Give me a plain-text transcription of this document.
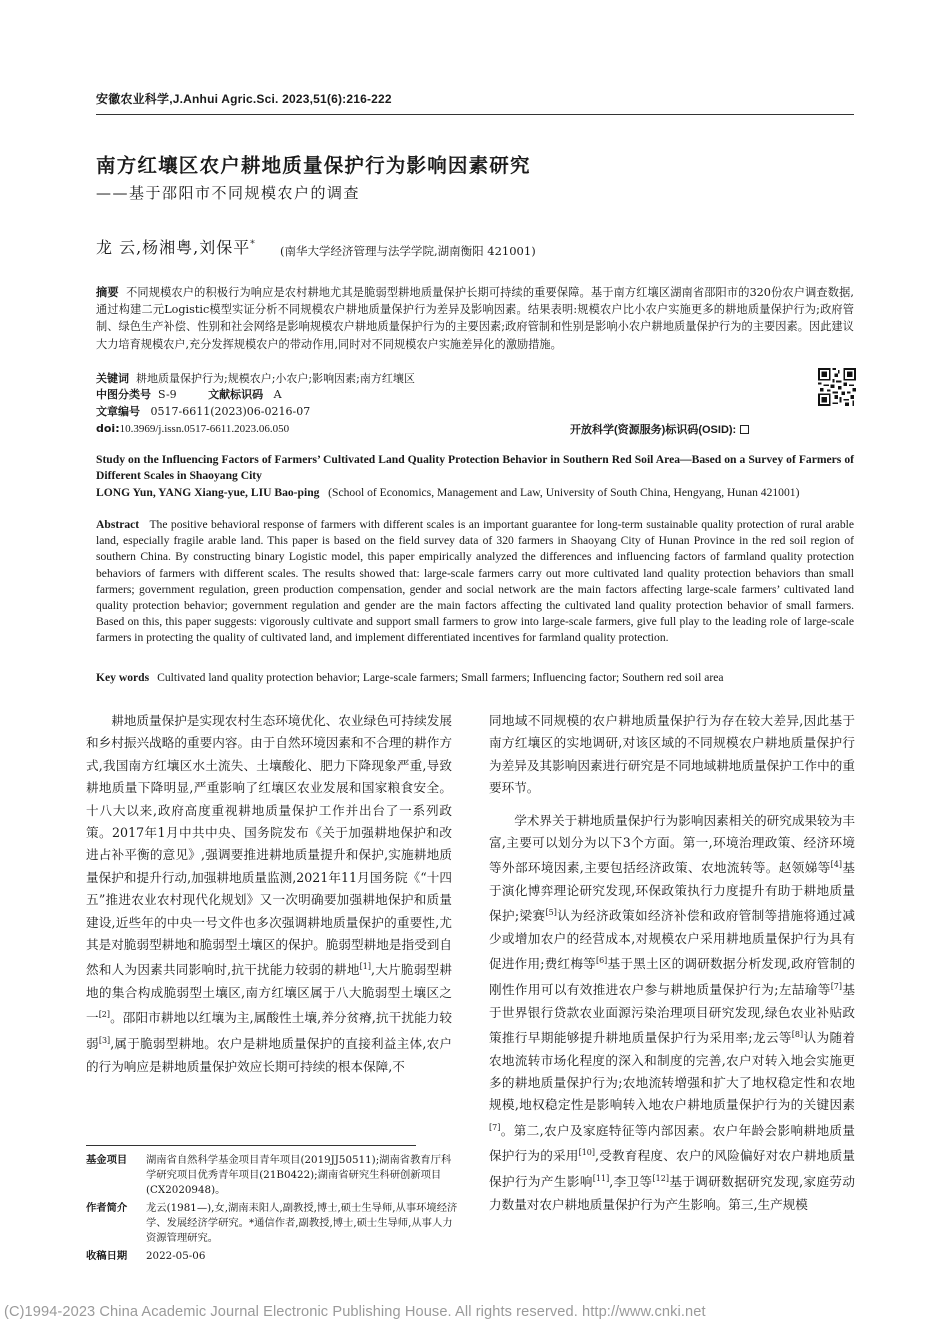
安徽农业科学,J.Anhui Agric.Sci. 2023,51(6):216-222
南方红壤区农户耕地质量保护行为影响因素研究
——基于邵阳市不同规模农户的调查
龙 云,杨湘粤,刘保平* (南华大学经济管理与法学学院,湖南衡阳 421001)
摘要 不同规模农户的积极行为响应是农村耕地尤其是脆弱型耕地质量保护长期可持续的重要保障。基于南方红壤区湖南省邵阳市的320份农户调查数据,通过构建二元Logistic模型实证分析不同规模农户耕地质量保护行为差异及影响因素。结果表明:规模农户比小农户实施更多的耕地质量保护行为;政府管制、绿色生产补偿、性别和社会网络是影响规模农户耕地质量保护行为的主要因素;政府管制和性别是影响小农户耕地质量保护行为的主要因素。因此建议大力培育规模农户,充分发挥规模农户的带动作用,同时对不同规模农户实施差异化的激励措施。
关键词 耕地质量保护行为;规模农户;小农户;影响因素;南方红壤区
中图分类号 S-9	文献标识码 A
文章编号 0517-6611(2023)06-0216-07
doi:10.3969/j.issn.0517-6611.2023.06.050	开放科学(资源服务)标识码(OSID):
Study on the Influencing Factors of Farmers’ Cultivated Land Quality Protection Behavior in Southern Red Soil Area—Based on a Survey of Farmers of Different Scales in Shaoyang City
LONG Yun, YANG Xiang-yue, LIU Bao-ping (School of Economics, Management and Law, University of South China, Hengyang, Hunan 421001)
Abstract The positive behavioral response of farmers with different scales is an important guarantee for long-term sustainable quality protection of rural arable land, especially fragile arable land. This paper is based on the field survey data of 320 farmers in Shaoyang City of Hunan Province in the red soil region of southern China. By constructing binary Logistic model, this paper empirically analyzed the differences and influencing factors of farmland quality protection behaviors of farmers with different scales. The results showed that: large-scale farmers carry out more cultivated land quality protection behaviors than small farmers; government regulation, green production compensation, gender and social network are the main factors affecting large-scale farmers’ cultivated land quality protection behavior; government regulation and gender are the main factors affecting the cultivated land quality protection behavior of small farmers. Based on this, this paper suggests: vigorously cultivate and support small farmers to grow into large-scale farmers, give full play to the leading role of large-scale farmers in protecting the quality of cultivated land, and implement differentiated incentives for farmland quality protection.
Key words Cultivated land quality protection behavior; Large-scale farmers; Small farmers; Influencing factor; Southern red soil area

耕地质量保护是实现农村生态环境优化、农业绿色可持续发展和乡村振兴战略的重要内容。由于自然环境因素和不合理的耕作方式,我国南方红壤区水土流失、土壤酸化、肥力下降现象严重,导致耕地质量下降明显,严重影响了红壤区农业发展和国家粮食安全。十八大以来,政府高度重视耕地质量保护工作并出台了一系列政策。2017年1月中共中央、国务院发布《关于加强耕地保护和改进占补平衡的意见》,强调要推进耕地质量提升和保护,实施耕地质量保护和提升行动,加强耕地质量监测,2021年11月国务院《“十四五”推进农业农村现代化规划》又一次明确要加强耕地保护和质量建设,近些年的中央一号文件也多次强调耕地质量保护的重要性,尤其是对脆弱型耕地和脆弱型土壤区的保护。脆弱型耕地是指受到自然和人为因素共同影响时,抗干扰能力较弱的耕地[1],大片脆弱型耕地的集合构成脆弱型土壤区,南方红壤区属于八大脆弱型土壤区之一[2]。邵阳市耕地以红壤为主,属酸性土壤,养分贫瘠,抗干扰能力较弱[3],属于脆弱型耕地。农户是耕地质量保护的直接利益主体,农户的行为响应是耕地质量保护效应长期可持续的根本保障,不

同地域不同规模的农户耕地质量保护行为存在较大差异,因此基于南方红壤区的实地调研,对该区域的不同规模农户耕地质量保护行为差异及其影响因素进行研究是不同地域耕地质量保护工作中的重要环节。

学术界关于耕地质量保护行为影响因素相关的研究成果较为丰富,主要可以划分为以下3个方面。第一,环境治理政策、经济环境等外部环境因素,主要包括经济政策、农地流转等。赵领娣等[4]基于演化博弈理论研究发现,环保政策执行力度提升有助于耕地质量保护;梁赛[5]认为经济政策如经济补偿和政府管制等措施将通过减少或增加农户的经营成本,对规模农户采用耕地质量保护行为具有促进作用;费红梅等[6]基于黑土区的调研数据分析发现,政府管制的刚性作用可以有效推进农户参与耕地质量保护行为;左喆瑜等[7]基于世界银行贷款农业面源污染治理项目研究发现,绿色农业补贴政策推行早期能够提升耕地质量保护行为采用率;龙云等[8]认为随着农地流转市场化程度的深入和制度的完善,农户对转入地会实施更多的耕地质量保护行为;农地流转增强和扩大了地权稳定性和农地规模,地权稳定性是影响转入地农户耕地质量保护行为的关键因素[7]。第二,农户及家庭特征等内部因素。农户年龄会影响耕地质量保护行为的采用[10],受教育程度、农户的风险偏好对农户耕地质量保护行为产生影响[11],李卫等[12]基于调研数据研究发现,家庭劳动力数量对农户耕地质量保护行为产生影响。第三,生产规模

基金项目 湖南省自然科学基金项目青年项目(2019JJ50511);湖南省教育厅科学研究项目优秀青年项目(21B0422);湖南省研究生科研创新项目(CX2020948)。
作者简介 龙云(1981—),女,湖南耒阳人,副教授,博士,硕士生导师,从事环境经济学、发展经济学研究。*通信作者,副教授,博士,硕士生导师,从事人力资源管理研究。
收稿日期 2022-05-06
(C)1994-2023 China Academic Journal Electronic Publishing House. All rights reserved. http://www.cnki.net
